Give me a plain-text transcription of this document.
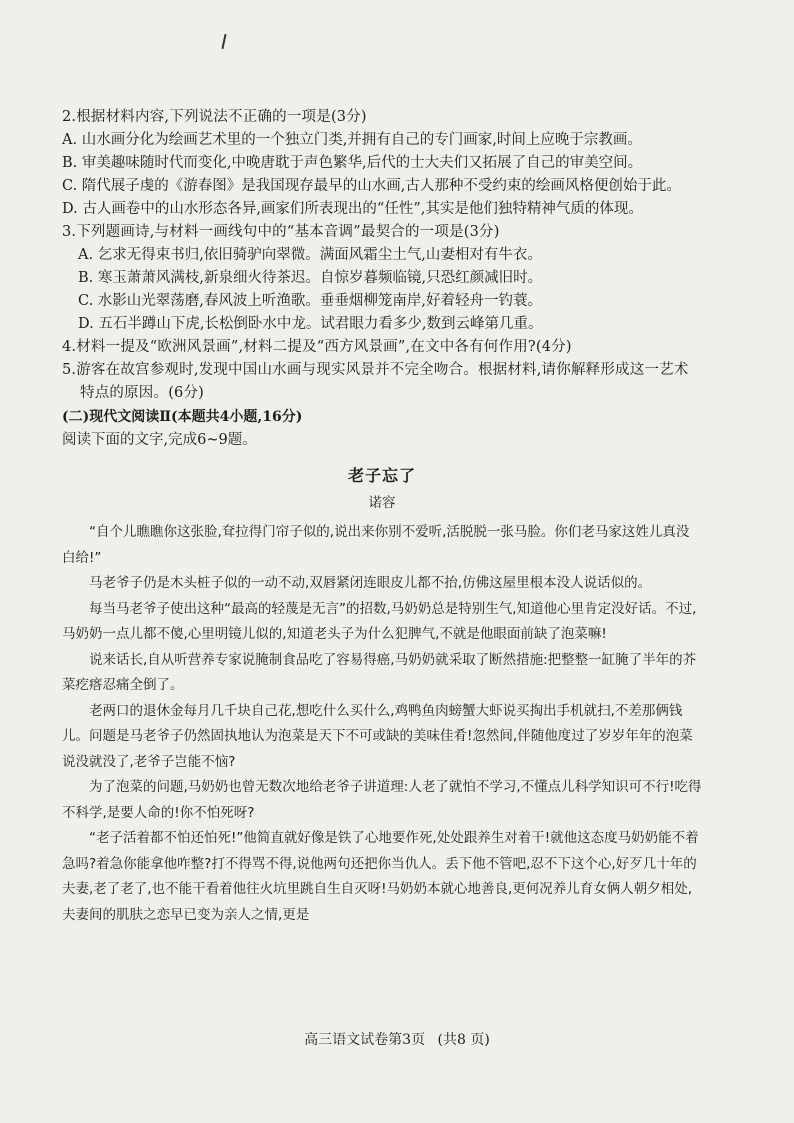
2.根据材料内容,下列说法不正确的一项是(3分)

A. 山水画分化为绘画艺术里的一个独立门类,并拥有自己的专门画家,时间上应晚于宗教画。

B. 审美趣味随时代而变化,中晚唐耽于声色繁华,后代的士大夫们又拓展了自己的审美空间。

C. 隋代展子虔的《游春图》是我国现存最早的山水画,古人那种不受约束的绘画风格便创始于此。

D. 古人画卷中的山水形态各异,画家们所表现出的“任性”,其实是他们独特精神气质的体现。

3.下列题画诗,与材料一画线句中的“基本音调”最契合的一项是(3分)

A. 乞求无得束书归,依旧骑驴向翠微。满面风霜尘土气,山妻相对有牛衣。

B. 寒玉萧萧风满枝,新泉细火待茶迟。自惊岁暮频临镜,只恐红颜减旧时。

C. 水影山光翠荡磨,春风波上听渔歌。垂垂烟柳笼南岸,好着轻舟一钓蓑。

D. 五石半蹲山下虎,长松倒卧水中龙。试君眼力看多少,数到云峰第几重。

4.材料一提及“欧洲风景画”,材料二提及“西方风景画”,在文中各有何作用?(4分)

5.游客在故宫参观时,发现中国山水画与现实风景并不完全吻合。根据材料,请你解释形成这一艺术特点的原因。(6分)

(二)现代文阅读Ⅱ(本题共4小题,16分)

阅读下面的文字,完成6~9题。

老子忘了
诺容

“自个儿瞧瞧你这张脸,耷拉得门帘子似的,说出来你别不爱听,活脱脱一张马脸。你们老马家这姓儿真没白给!”

马老爷子仍是木头桩子似的一动不动,双唇紧闭连眼皮儿都不抬,仿佛这屋里根本没人说话似的。

每当马老爷子使出这种“最高的轻蔑是无言”的招数,马奶奶总是特别生气,知道他心里肯定没好话。不过,马奶奶一点儿都不傻,心里明镜儿似的,知道老头子为什么犯脾气,不就是他眼面前缺了泡菜嘛!

说来话长,自从听营养专家说腌制食品吃了容易得癌,马奶奶就采取了断然措施:把整整一缸腌了半年的芥菜疙瘩忍痛全倒了。

老两口的退休金每月几千块自己花,想吃什么买什么,鸡鸭鱼肉螃蟹大虾说买掏出手机就扫,不差那俩钱儿。问题是马老爷子仍然固执地认为泡菜是天下不可或缺的美味佳肴!忽然间,伴随他度过了岁岁年年的泡菜说没就没了,老爷子岂能不恼?

为了泡菜的问题,马奶奶也曾无数次地给老爷子讲道理:人老了就怕不学习,不懂点儿科学知识可不行!吃得不科学,是要人命的!你不怕死呀?

“老子活着都不怕还怕死!”他简直就好像是铁了心地要作死,处处跟养生对着干!就他这态度马奶奶能不着急吗?着急你能拿他咋整?打不得骂不得,说他两句还把你当仇人。丢下他不管吧,忍不下这个心,好歹几十年的夫妻,老了老了,也不能干看着他往火坑里跳自生自灭呀!马奶奶本就心地善良,更何况养儿育女俩人朝夕相处,夫妻间的肌肤之恋早已变为亲人之情,更是

高三语文试卷第3页 (共8 页)
